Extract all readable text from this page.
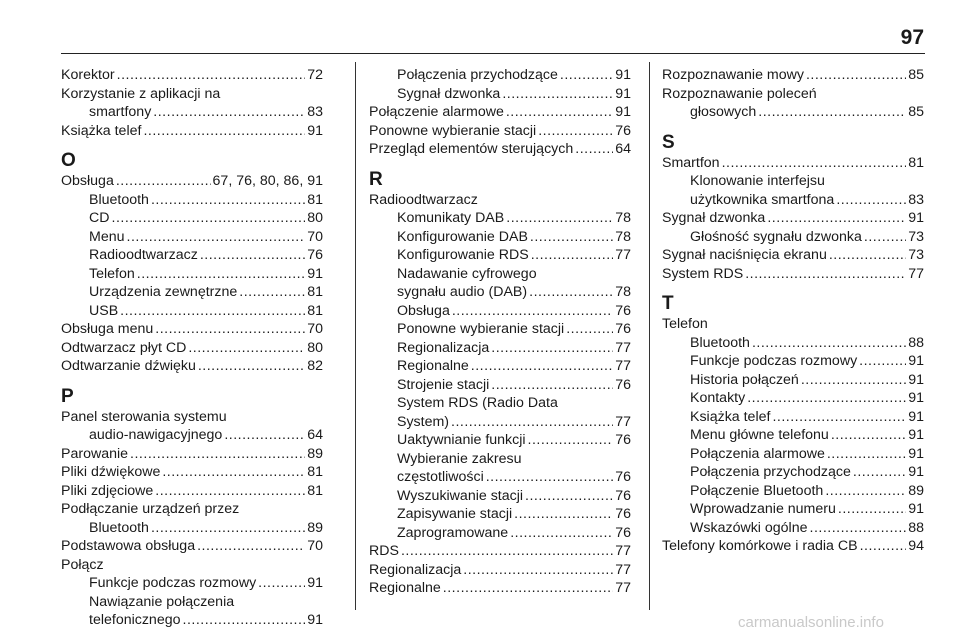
97
Korektor .....	72
Korzystanie z aplikacji na
smartfony .....	83
Książka telef .....	91
O
Obsługa .....	67, 76, 80, 86, 91
Bluetooth .....	81
CD .....	80
Menu .....	70
Radioodtwarzacz .....	76
Telefon .....	91
Urządzenia zewnętrzne .....	81
USB .....	81
Obsługa menu .....	70
Odtwarzacz płyt CD .....	80
Odtwarzanie dźwięku .....	82
P
Panel sterowania systemu
audio-nawigacyjnego .....	64
Parowanie .....	89
Pliki dźwiękowe .....	81
Pliki zdjęciowe .....	81
Podłączanie urządzeń przez
Bluetooth .....	89
Podstawowa obsługa .....	70
Połącz
Funkcje podczas rozmowy .....	91
Nawiązanie połączenia
telefonicznego .....	91
Połączenia przychodzące .....	91
Sygnał dzwonka .....	91
Połączenie alarmowe .....	91
Ponowne wybieranie stacji .....	76
Przegląd elementów sterujących .....	64
R
Radioodtwarzacz
Komunikaty DAB .....	78
Konfigurowanie DAB .....	78
Konfigurowanie RDS .....	77
Nadawanie cyfrowego
sygnału audio (DAB) .....	78
Obsługa .....	76
Ponowne wybieranie stacji .....	76
Regionalizacja .....	77
Regionalne .....	77
Strojenie stacji .....	76
System RDS (Radio Data
System) .....	77
Uaktywnianie funkcji .....	76
Wybieranie zakresu
częstotliwości .....	76
Wyszukiwanie stacji .....	76
Zapisywanie stacji .....	76
Zaprogramowane .....	76
RDS .....	77
Regionalizacja .....	77
Regionalne .....	77
Rozpoznawanie mowy .....	85
Rozpoznawanie poleceń
głosowych .....	85
S
Smartfon .....	81
Klonowanie interfejsu
użytkownika smartfona .....	83
Sygnał dzwonka .....	91
Głośność sygnału dzwonka .....	73
Sygnał naciśnięcia ekranu .....	73
System RDS .....	77
T
Telefon
Bluetooth .....	88
Funkcje podczas rozmowy .....	91
Historia połączeń .....	91
Kontakty .....	91
Książka telef .....	91
Menu główne telefonu .....	91
Połączenia alarmowe .....	91
Połączenia przychodzące .....	91
Połączenie Bluetooth .....	89
Wprowadzanie numeru .....	91
Wskazówki ogólne .....	88
Telefony komórkowe i radia CB .....	94
carmanualsonline.info
